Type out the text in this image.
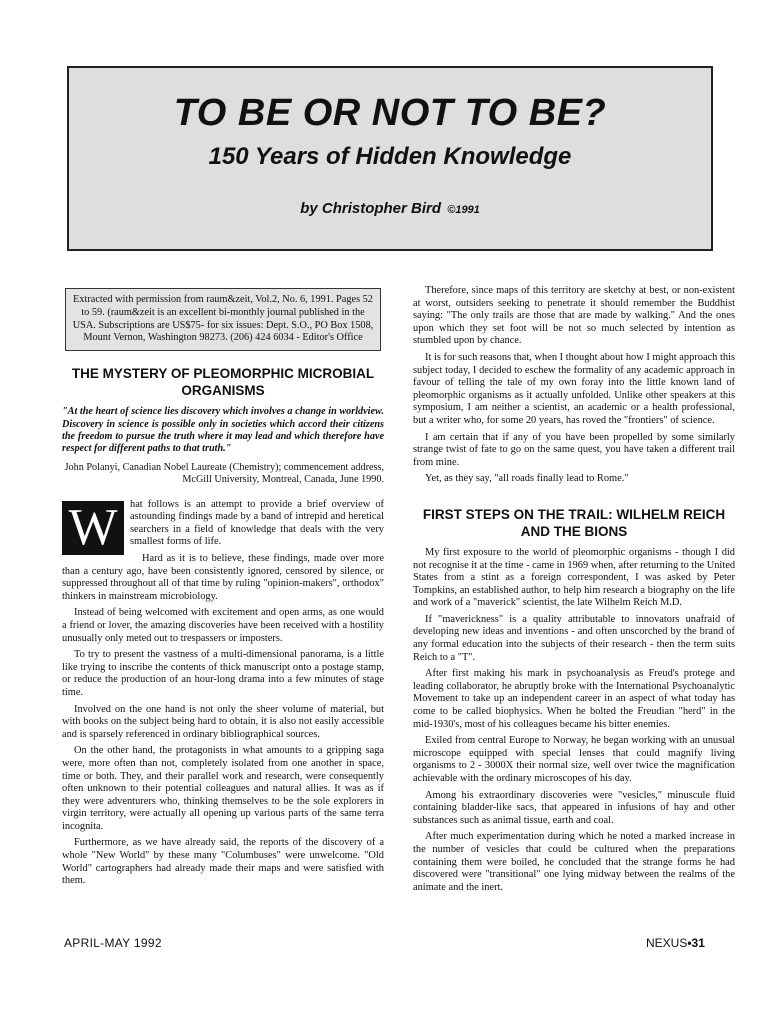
TO BE OR NOT TO BE?
150 Years of Hidden Knowledge
by Christopher Bird ©1991
Extracted with permission from raum&zeit, Vol.2, No. 6, 1991. Pages 52 to 59. (raum&zeit is an excellent bi-monthly journal published in the USA. Subscriptions are US$75- for six issues: Dept. S.O., PO Box 1508, Mount Vernon, Washington 98273. (206) 424 6034 - Editor's Office
THE MYSTERY OF PLEOMORPHIC MICROBIAL ORGANISMS
"At the heart of science lies discovery which involves a change in worldview. Discovery in science is possible only in societies which accord their citizens the freedom to pursue the truth where it may lead and which therefore have respect for different paths to that truth."
John Polanyi, Canadian Nobel Laureate (Chemistry); commencement address, McGill University, Montreal, Canada, June 1990.

W	hat follows is an attempt to provide a brief overview of astounding findings made by a band of intrepid and heretical searchers in a field of knowledge that deals with the very smallest forms of life.

Hard as it is to believe, these findings, made over more than a century ago, have been consistently ignored, censored by silence, or suppressed throughout all of that time by ruling "opinion-makers", orthodox" thinkers in mainstream microbiology.

Instead of being welcomed with excitement and open arms, as one would a friend or lover, the amazing discoveries have been received with a hostility unusually only meted out to trespassers or imposters.

To try to present the vastness of a multi-dimensional panorama, is a little like trying to inscribe the contents of thick manuscript onto a postage stamp, or reduce the production of an hour-long drama into a few minutes of stage time.

Involved on the one hand is not only the sheer volume of material, but with books on the subject being hard to obtain, it is also not easily accessible and is sparsely referenced in ordinary bibliographical sources.

On the other hand, the protagonists in what amounts to a gripping saga were, more often than not, completely isolated from one another in space, time or both. They, and their parallel work and research, were consequently often unknown to their potential colleagues and natural allies. It was as if they were adventurers who, thinking themselves to be the sole explorers in virgin territory, were actually all opening up various parts of the same terra incognita.

Furthermore, as we have already said, the reports of the discovery of a whole "New World" by these many "Columbuses" were unwelcome. "Old World" cartographers had already made their maps and were satisfied with them.

Therefore, since maps of this territory are sketchy at best, or non-existent at worst, outsiders seeking to penetrate it should remember the Buddhist saying: "The only trails are those that are made by walking." And the ones upon which they set foot will be not so much selected by intention as stumbled upon by chance.

It is for such reasons that, when I thought about how I might approach this subject today, I decided to eschew the formality of any academic approach in favour of telling the tale of my own foray into the little known land of pleomorphic organisms as it actually unfolded. Unlike other speakers at this symposium, I am neither a scientist, an academic or a health professional, but a writer who, for some 20 years, has roved the "frontiers" of science.

I am certain that if any of you have been propelled by some similarly strange twist of fate to go on the same quest, you have taken a different trail from mine.

Yet, as they say, "all roads finally lead to Rome."

FIRST STEPS ON THE TRAIL: WILHELM REICH AND THE BIONS

My first exposure to the world of pleomorphic organisms - though I did not recognise it at the time - came in 1969 when, after returning to the United States from a stint as a foreign correspondent, I was asked by Peter Tompkins, an established author, to help him research a biography on the life and work of a "maverick" scientist, the late Wilhelm Reich M.D.

If "maverickness" is a quality attributable to innovators unafraid of developing new ideas and inventions - and often unscorched by the brand of any formal education into the subjects of their research - then the term suits Reich to a "T".

After first making his mark in psychoanalysis as Freud's protege and leading collaborator, he abruptly broke with the International Psychoanalytic Movement to take up an independent career in an aspect of what today has come to be called biophysics. When he bolted the Freudian "herd" in the mid-1930's, most of his colleagues became his bitter enemies.

Exiled from central Europe to Norway, he began working with an unusual microscope equipped with special lenses that could magnify living organisms to 2 - 3000X their normal size, well over twice the magnification achievable with the ordinary microscopes of his day.

Among his extraordinary discoveries were "vesicles," minuscule fluid containing bladder-like sacs, that appeared in infusions of hay and other substances such as animal tissue, earth and coal.

After much experimentation during which he noted a marked increase in the number of vesicles that could be cultured when the preparations containing them were boiled, he concluded that the strange forms he had discovered were "transitional" one lying midway between the realms of the animate and the inert.

APRIL-MAY 1992	NEXUS•31
